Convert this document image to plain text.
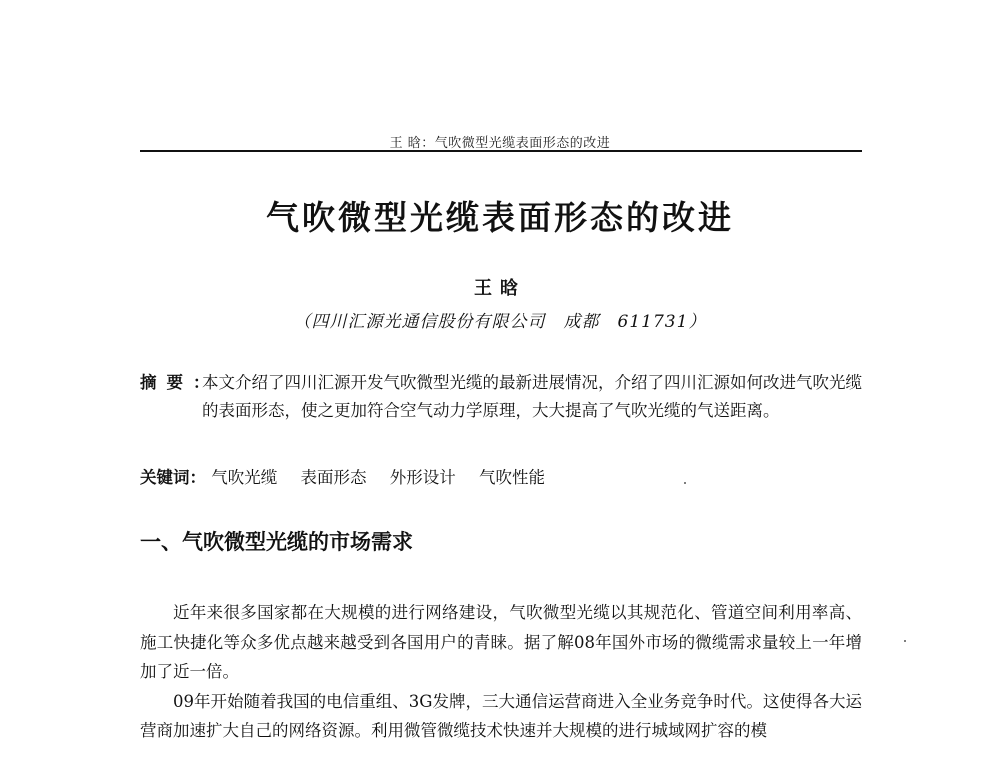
王 晗：气吹微型光缆表面形态的改进
气吹微型光缆表面形态的改进
王晗
（四川汇源光通信股份有限公司　成都　611731）
摘要：
本文介绍了四川汇源开发气吹微型光缆的最新进展情况，介绍了四川汇源如何改进气吹光缆的表面形态，使之更加符合空气动力学原理，大大提高了气吹光缆的气送距离。
关键词： 气吹光缆 表面形态 外形设计 气吹性能
一、气吹微型光缆的市场需求

近年来很多国家都在大规模的进行网络建设，气吹微型光缆以其规范化、管道空间利用率高、施工快捷化等众多优点越来越受到各国用户的青睐。据了解08年国外市场的微缆需求量较上一年增加了近一倍。

09年开始随着我国的电信重组、3G发牌，三大通信运营商进入全业务竞争时代。这使得各大运营商加速扩大自己的网络资源。利用微管微缆技术快速并大规模的进行城域网扩容的模
